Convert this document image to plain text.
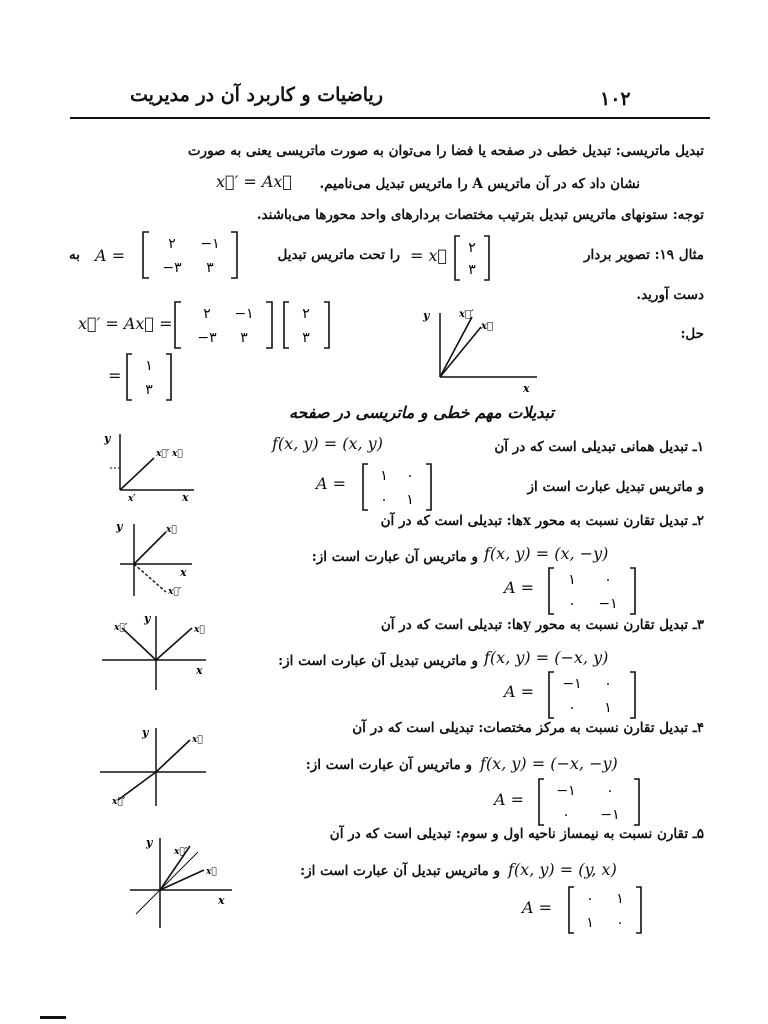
ریاضیات و کاربرد آن در مدیریت	۱۰۲
تبدیل ماتریسی: تبدیل خطی در صفحه یا فضا را می‌توان به صورت ماتریسی یعنی به صورت
نشان داد که در آن ماتریس A را ماتریس تبدیل می‌نامیم.
x⃗′ = Ax⃗
توجه: ستونهای ماتریس تبدیل بترتیب مختصات بردارهای واحد محورها می‌باشند.
مثال ۱۹: تصویر بردار
۲
۳
= x⃗
را تحت ماتریس تبدیل
۲ −۱
−۳ ۳
A =
به
دست آورید.
حل:
x⃗′ = Ax⃗ = ۲ −۱
−۳ ۳
۲
۳
= ۱
۳
y
x
x⃗′
x⃗
تبدیلات مهم خطی و ماتریسی در صفحه
۱ـ تبدیل همانی تبدیلی است که در آن
f(x, y) = (x, y)
و ماتریس تبدیل عبارت است از
A = ۱ ۰
۰ ۱
y
x
x⃗′ x⃗
x′
۲ـ تبدیل تقارن نسبت به محور xها: تبدیلی است که در آن
f(x, y) = (x, −y)
و ماتریس آن عبارت است از:
A = ۱ ۰
۰ −۱
y
x
x⃗
x⃗′
۳ـ تبدیل تقارن نسبت به محور yها: تبدیلی است که در آن
f(x, y) = (−x, y)
و ماتریس تبدیل آن عبارت است از:
A = −۱ ۰
۰ ۱
y
x
x⃗
x⃗′
۴ـ تبدیل تقارن نسبت به مرکز مختصات: تبدیلی است که در آن
f(x, y) = (−x, −y)
و ماتریس آن عبارت است از:
A = −۱ ۰
۰ −۱
y
x⃗
x⃗′
۵ـ تقارن نسبت به نیمساز ناحیه اول و سوم: تبدیلی است که در آن
f(x, y) = (y, x)
و ماتریس تبدیل آن عبارت است از:
A = ۰ ۱
۱ ۰
y
x
x⃗′
x⃗
